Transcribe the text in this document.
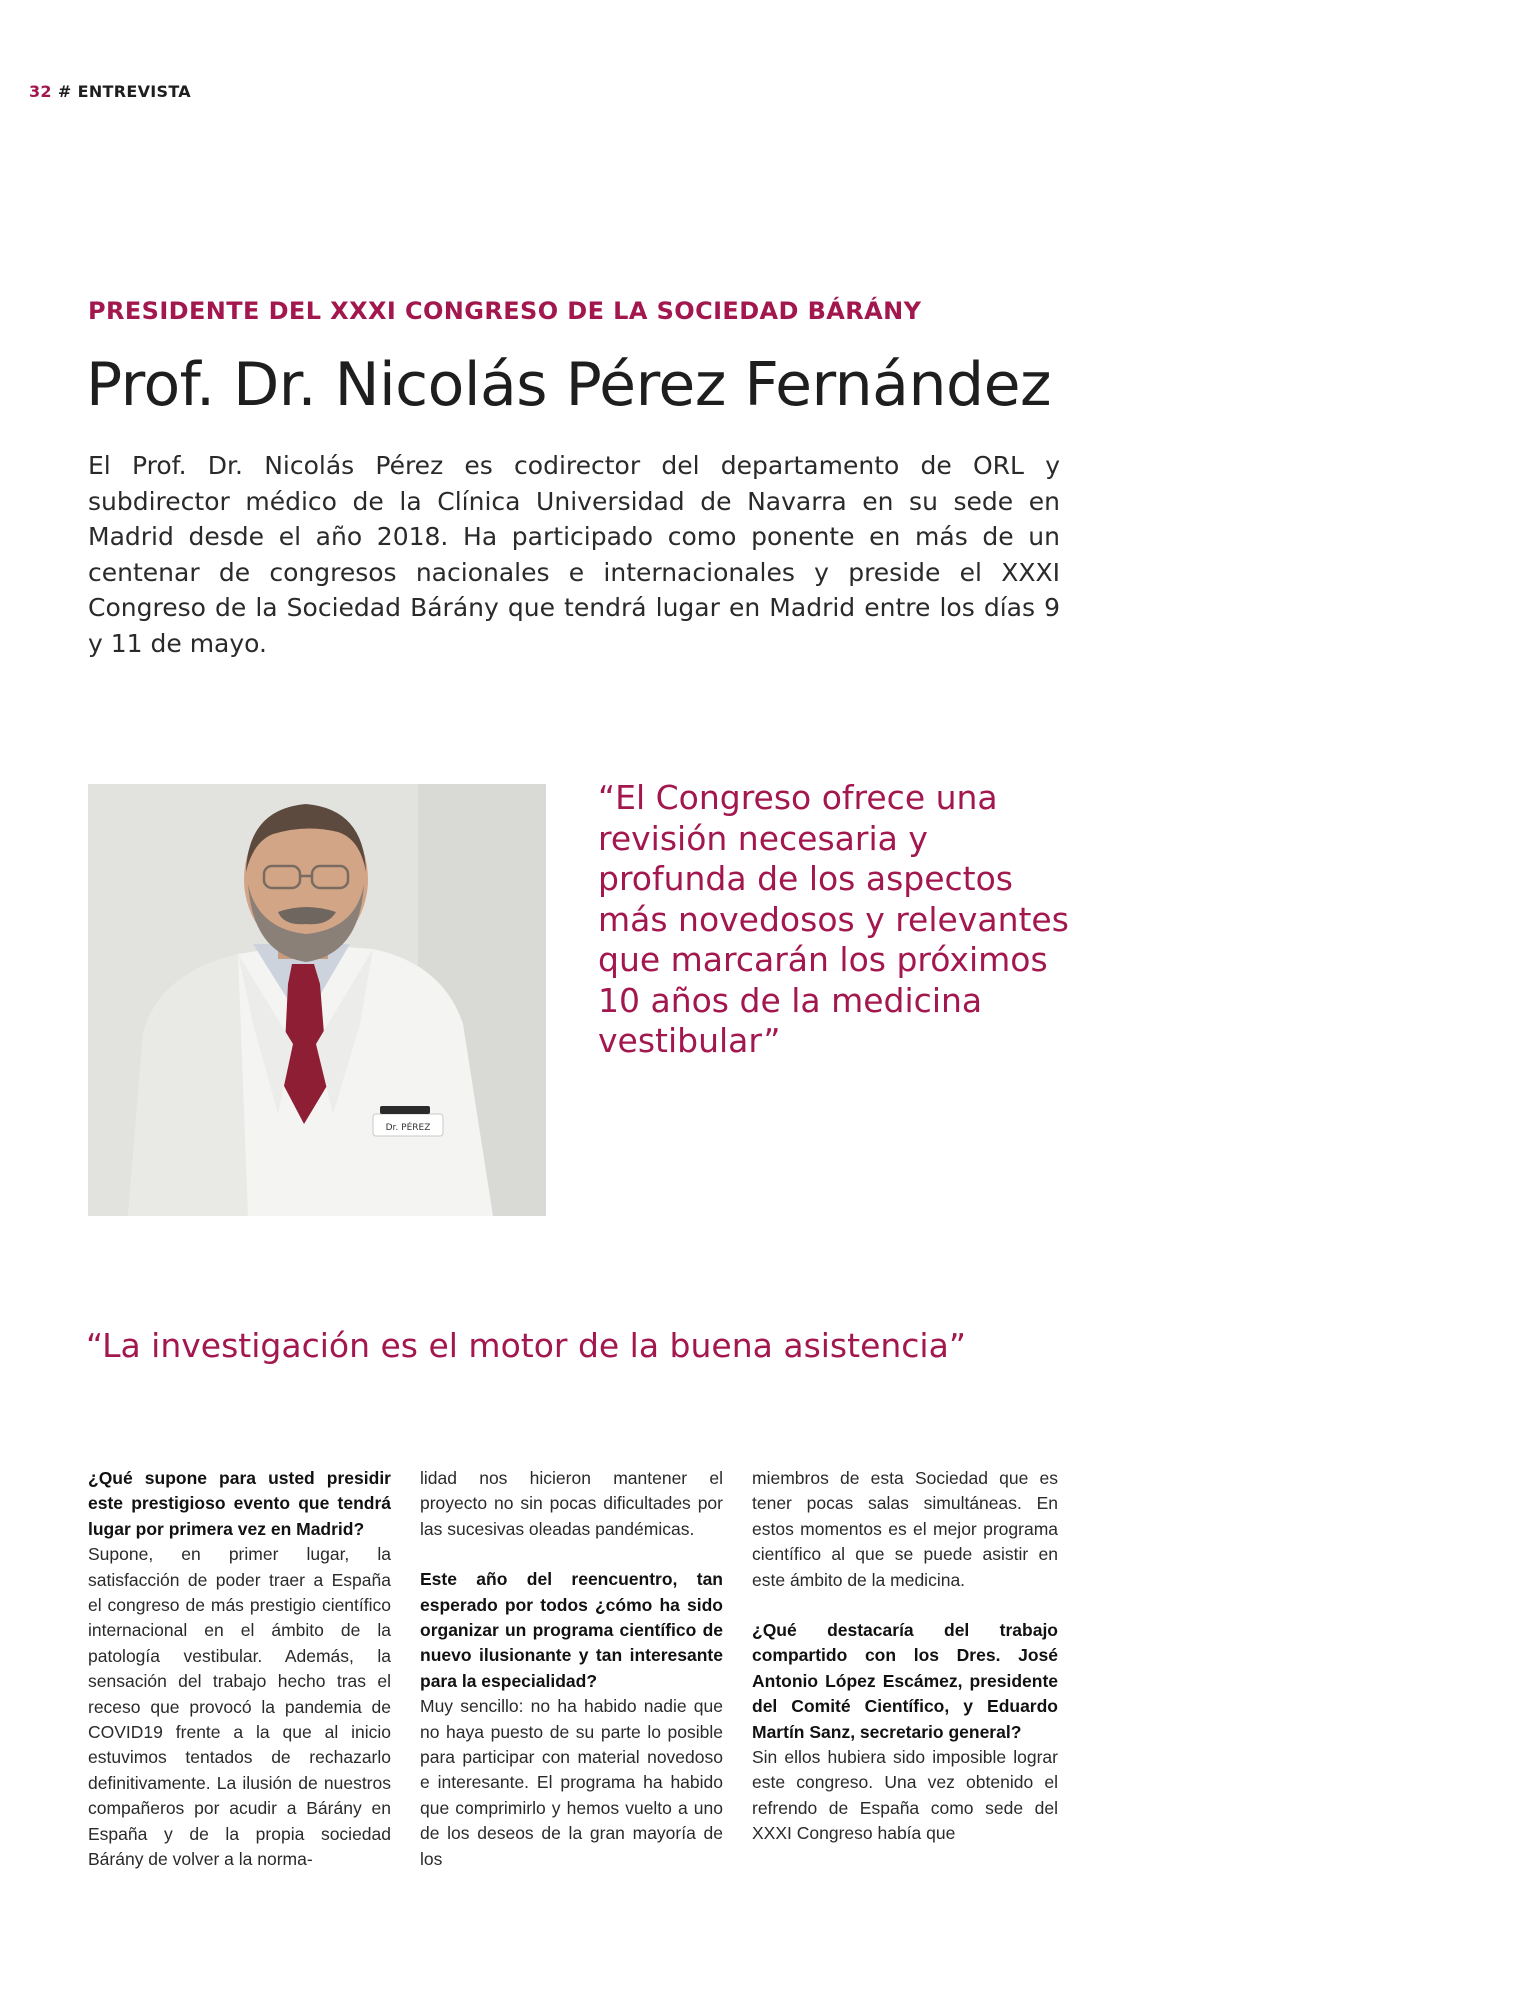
32 # ENTREVISTA
PRESIDENTE DEL XXXI CONGRESO DE LA SOCIEDAD BÁRÁNY
Prof. Dr. Nicolás Pérez Fernández

El Prof. Dr. Nicolás Pérez es codirector del departamento de ORL y subdirector médico de la Clínica Universidad de Navarra en su sede en Madrid desde el año 2018. Ha participado como ponente en más de un centenar de congresos nacionales e internacionales y preside el XXXI Congreso de la Sociedad Bárány que tendrá lugar en Madrid entre los días 9 y 11 de mayo.

Dr. PÉREZ

“El Congreso ofrece una revisión necesaria y profunda de los aspectos más novedosos y relevantes que marcarán los próximos 10 años de la medicina vestibular”

“La investigación es el motor de la buena asistencia”

¿Qué supone para usted presidir este prestigioso evento que tendrá lugar por primera vez en Madrid?

Supone, en primer lugar, la satisfacción de poder traer a España el congreso de más prestigio científico internacional en el ámbito de la patología vestibular. Además, la sensación del trabajo hecho tras el receso que provocó la pandemia de COVID19 frente a la que al inicio estuvimos tentados de rechazarlo definitivamente. La ilusión de nuestros compañeros por acudir a Bárány en España y de la propia sociedad Bárány de volver a la norma-

lidad nos hicieron mantener el proyecto no sin pocas dificultades por las sucesivas oleadas pandémicas.

Este año del reencuentro, tan esperado por todos ¿cómo ha sido organizar un programa científico de nuevo ilusionante y tan interesante para la especialidad?

Muy sencillo: no ha habido nadie que no haya puesto de su parte lo posible para participar con material novedoso e interesante. El programa ha habido que comprimirlo y hemos vuelto a uno de los deseos de la gran mayoría de los

miembros de esta Sociedad que es tener pocas salas simultáneas. En estos momentos es el mejor programa científico al que se puede asistir en este ámbito de la medicina.

¿Qué destacaría del trabajo compartido con los Dres. José Antonio López Escámez, presidente del Comité Científico, y Eduardo Martín Sanz, secretario general?

Sin ellos hubiera sido imposible lograr este congreso. Una vez obtenido el refrendo de España como sede del XXXI Congreso había que
